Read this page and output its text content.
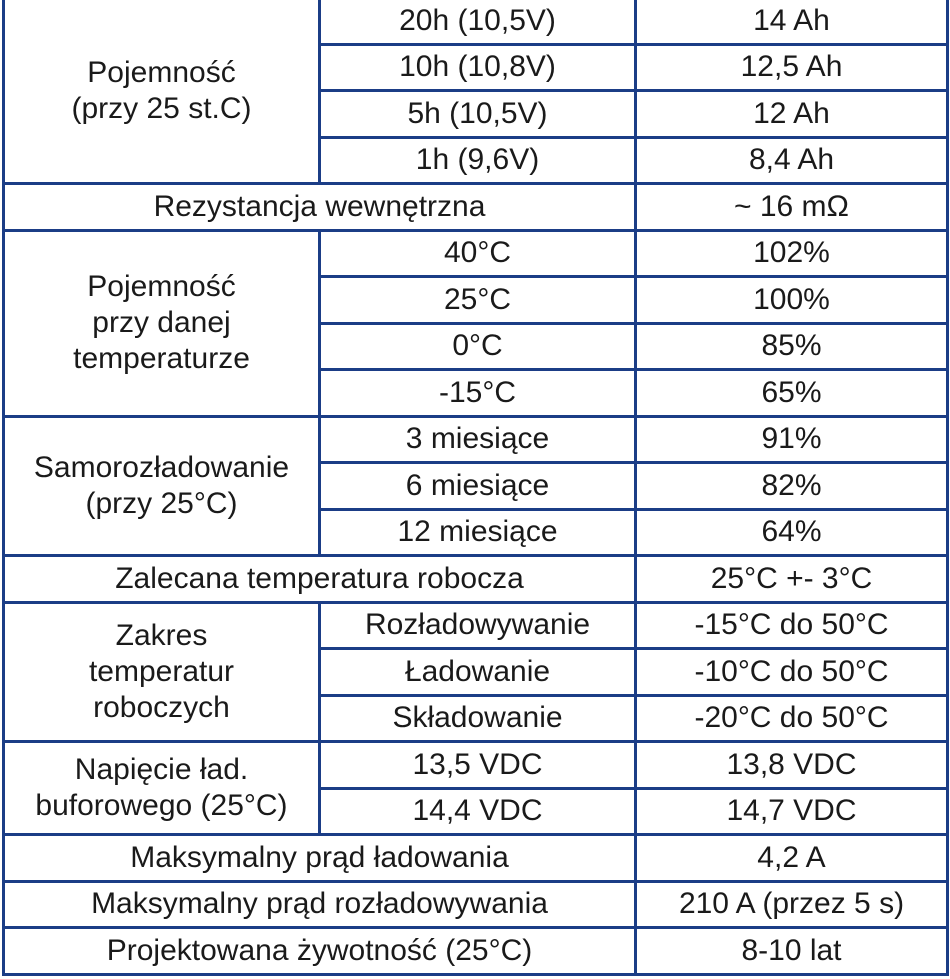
Pojemność
(przy 25 st.C)	20h (10,5V)	14 Ah
	10h (10,8V)	12,5 Ah
	5h (10,5V)	12 Ah
	1h (9,6V)	8,4 Ah
Rezystancja wewnętrzna		~ 16 mΩ

Pojemność
przy danej
temperaturze	40°C	102%
	25°C	100%
	0°C	85%
	-15°C	65%

Samorozładowanie
(przy 25°C)	3 miesiące	91%
	6 miesiące	82%
	12 miesiące	64%
Zalecana temperatura robocza		25°C +- 3°C

Zakres
temperatur
roboczych	Rozładowywanie	-15°C do 50°C
	Ładowanie	-10°C do 50°C
	Składowanie	-20°C do 50°C

Napięcie ład.
buforowego (25°C)	13,5 VDC	13,8 VDC
	14,4 VDC	14,7 VDC
Maksymalny prąd ładowania		4,2 A
Maksymalny prąd rozładowywania		210 A (przez 5 s)
Projektowana żywotność (25°C)		8-10 lat
